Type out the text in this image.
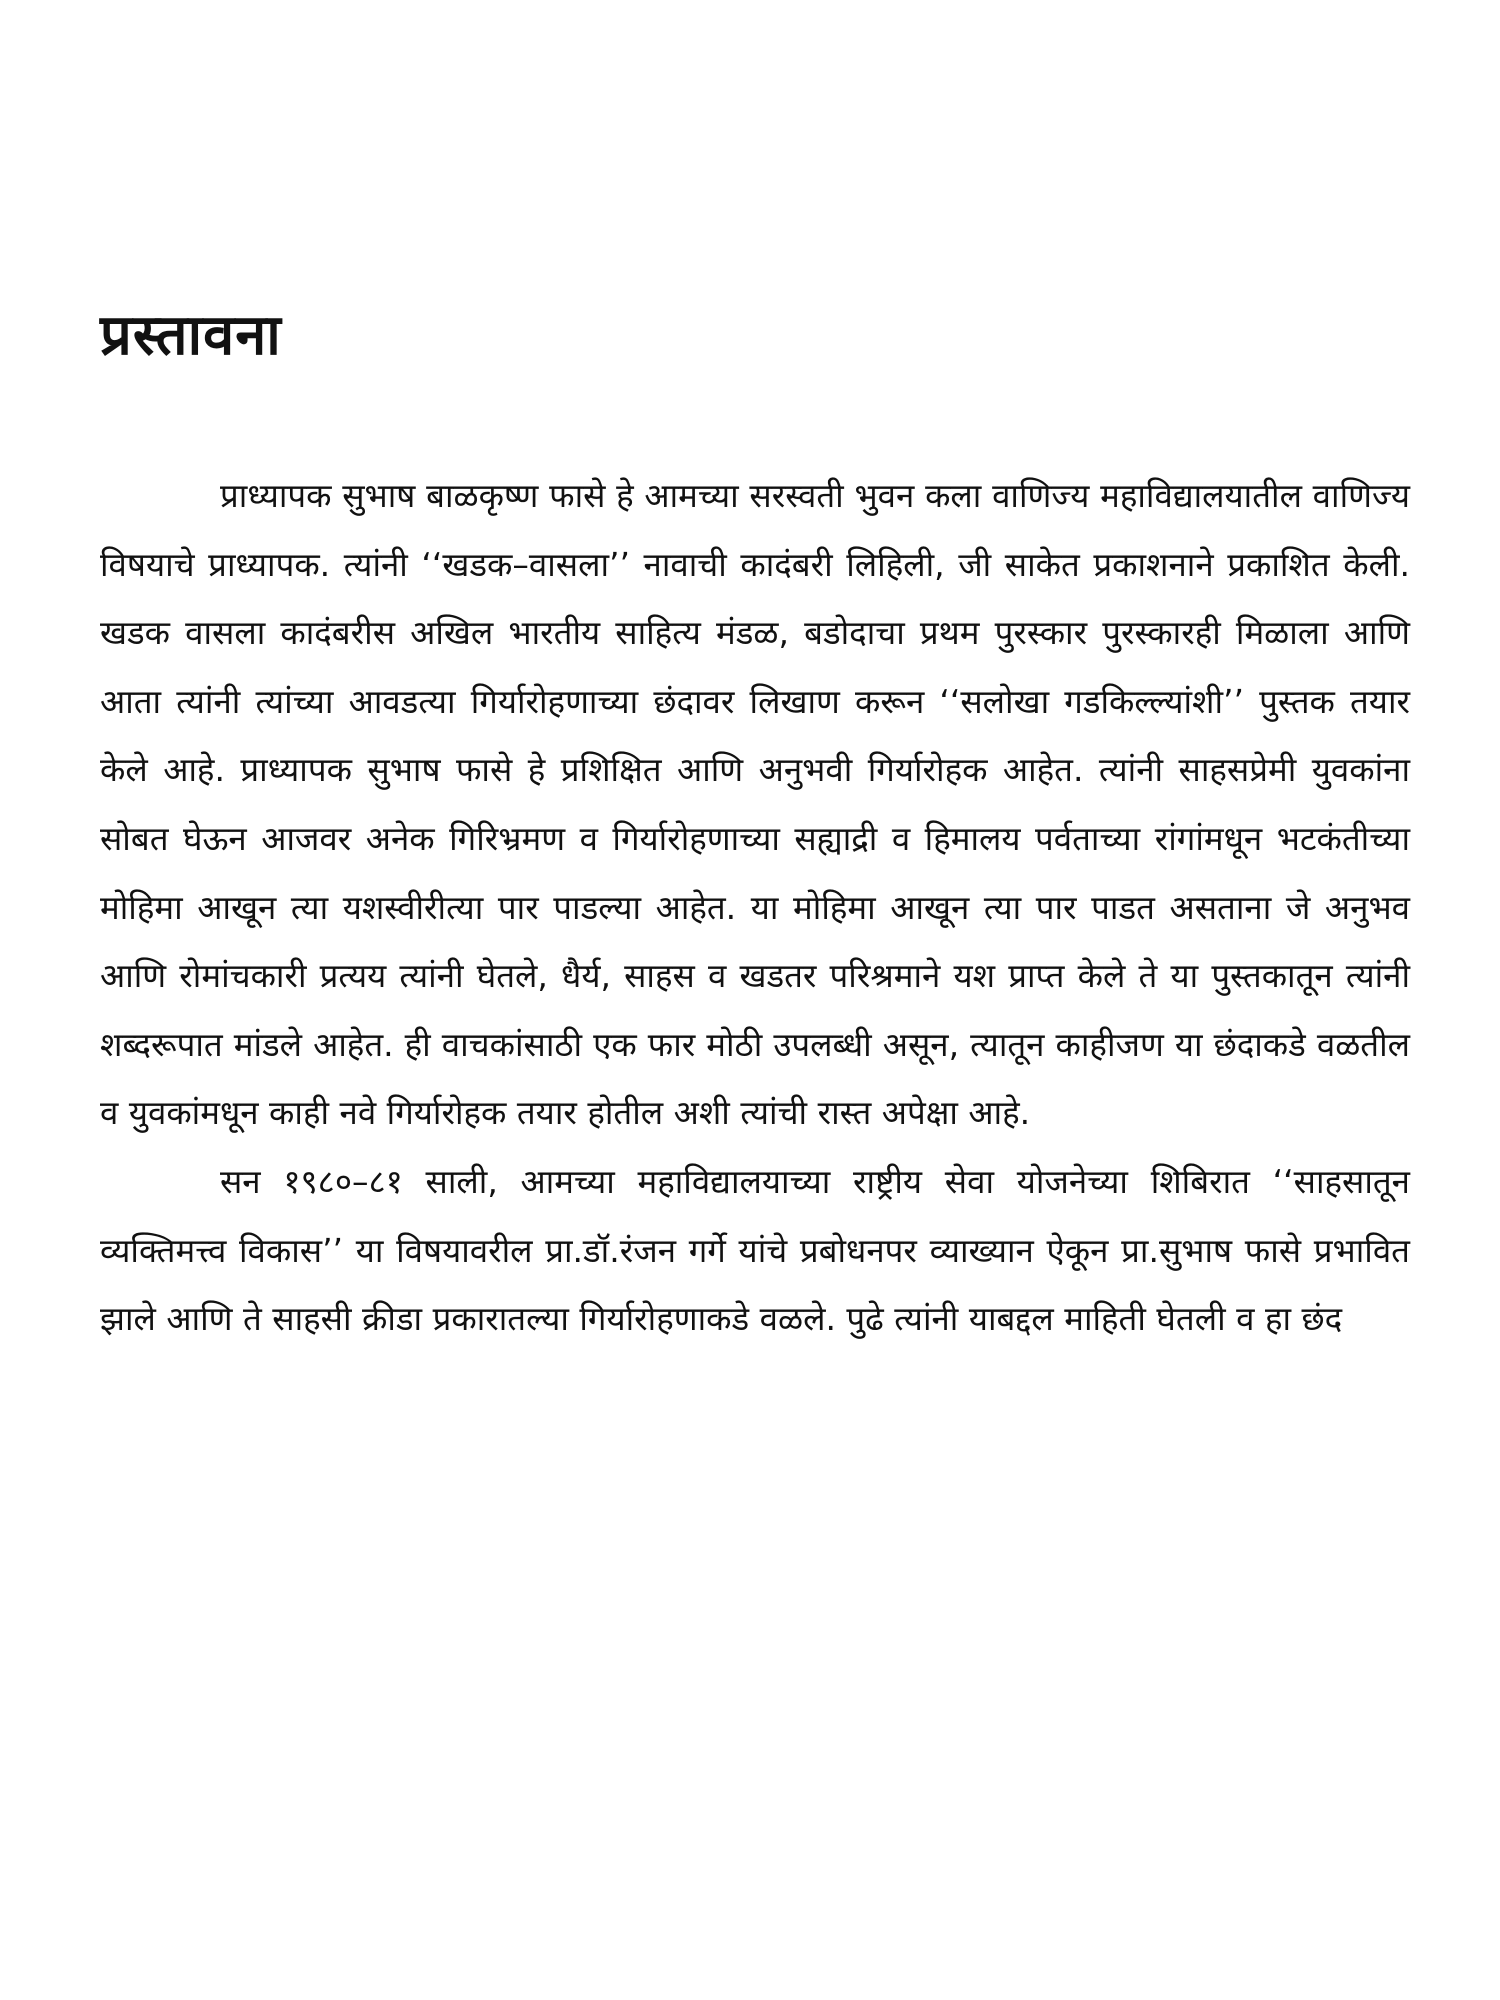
प्रस्तावना

प्राध्यापक सुभाष बाळकृष्ण फासे हे आमच्या सरस्वती भुवन कला वाणिज्य महाविद्यालयातील वाणिज्य विषयाचे प्राध्यापक. त्यांनी ‘‘खडक–वासला’’ नावाची कादंबरी लिहिली, जी साकेत प्रकाशनाने प्रकाशित केली. खडक वासला कादंबरीस अखिल भारतीय साहित्य मंडळ, बडोदाचा प्रथम पुरस्कार पुरस्कारही मिळाला आणि आता त्यांनी त्यांच्या आवडत्या गिर्यारोहणाच्या छंदावर लिखाण करून ‘‘सलोखा गडकिल्ल्यांशी’’ पुस्तक तयार केले आहे. प्राध्यापक सुभाष फासे हे प्रशिक्षित आणि अनुभवी गिर्यारोहक आहेत. त्यांनी साहसप्रेमी युवकांना सोबत घेऊन आजवर अनेक गिरिभ्रमण व गिर्यारोहणाच्या सह्याद्री व हिमालय पर्वताच्या रांगांमधून भटकंतीच्या मोहिमा आखून त्या यशस्वीरीत्या पार पाडल्या आहेत. या मोहिमा आखून त्या पार पाडत असताना जे अनुभव आणि रोमांचकारी प्रत्यय त्यांनी घेतले, धैर्य, साहस व खडतर परिश्रमाने यश प्राप्त केले ते या पुस्तकातून त्यांनी शब्दरूपात मांडले आहेत. ही वाचकांसाठी एक फार मोठी उपलब्धी असून, त्यातून काहीजण या छंदाकडे वळतील व युवकांमधून काही नवे गिर्यारोहक तयार होतील अशी त्यांची रास्त अपेक्षा आहे.

सन १९८०–८१ साली, आमच्या महाविद्यालयाच्या राष्ट्रीय सेवा योजनेच्या शिबिरात ‘‘साहसातून व्यक्तिमत्त्व विकास’’ या विषयावरील प्रा.डॉ.रंजन गर्गे यांचे प्रबोधनपर व्याख्यान ऐकून प्रा.सुभाष फासे प्रभावित झाले आणि ते साहसी क्रीडा प्रकारातल्या गिर्यारोहणाकडे वळले. पुढे त्यांनी याबद्दल माहिती घेतली व हा छंद
